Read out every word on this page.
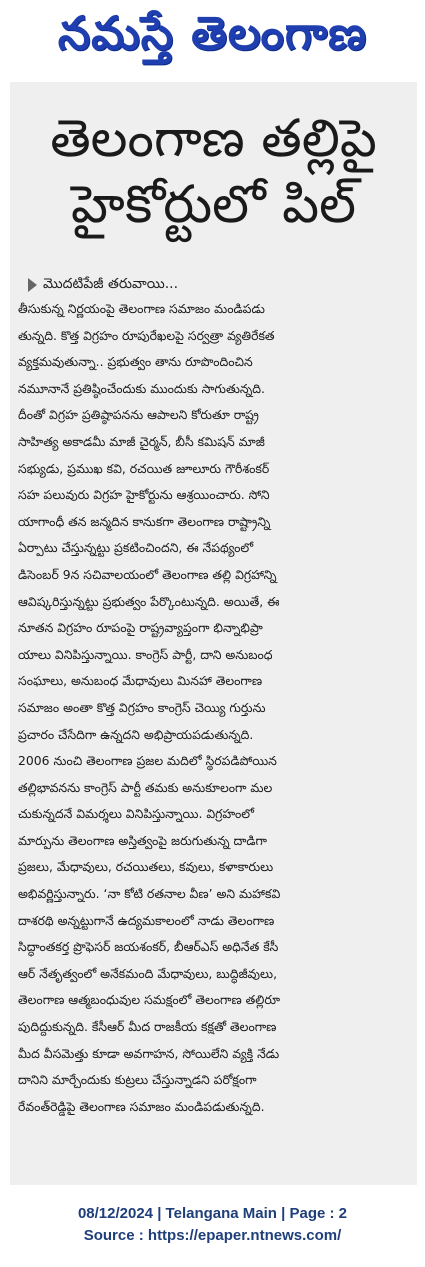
నమస్తే తెలంగాణ
తెలంగాణ తల్లిపై
హైకోర్టులో పిల్
మొదటిపేజీ తరువాయి...
తీసుకున్న నిర్ణయంపై తెలంగాణ సమాజం మండిపడు
తున్నది. కొత్త విగ్రహం రూపురేఖలపై సర్వత్రా వ్యతిరేకత
వ్యక్తమవుతున్నా.. ప్రభుత్వం తాను రూపొందించిన
నమూనానే ప్రతిష్ఠించేందుకు ముందుకు సాగుతున్నది.
దీంతో విగ్రహ ప్రతిష్ఠాపనను ఆపాలని కోరుతూ రాష్ట్ర
సాహిత్య అకాడమీ మాజీ చైర్మన్, బీసీ కమిషన్ మాజీ
సభ్యుడు, ప్రముఖ కవి, రచయిత జూలూరు గౌరీశంకర్
సహ పలువురు విగ్రహ హైకోర్టును ఆశ్రయించారు. సోని
యాగాంధీ తన జన్మదిన కానుకగా తెలంగాణ రాష్ట్రాన్ని
ఏర్పాటు చేస్తున్నట్టు ప్రకటించిందని, ఈ నేపథ్యంలో
డిసెంబర్ 9న సచివాలయంలో తెలంగాణ తల్లి విగ్రహాన్ని
ఆవిష్కరిస్తున్నట్టు ప్రభుత్వం పేర్కొంటున్నది. అయితే, ఈ
నూతన విగ్రహం రూపంపై రాష్ట్రవ్యాప్తంగా భిన్నాభిప్రా
యాలు వినిపిస్తున్నాయి. కాంగ్రెస్ పార్టీ, దాని అనుబంధ
సంఘాలు, అనుబంధ మేధావులు మినహా తెలంగాణ
సమాజం అంతా కొత్త విగ్రహం కాంగ్రెస్ చెయ్యి గుర్తును
ప్రచారం చేసేదిగా ఉన్నదని అభిప్రాయపడుతున్నది.
2006 నుంచి తెలంగాణ ప్రజల మదిలో స్థిరపడిపోయిన
తల్లిభావనను కాంగ్రెస్ పార్టీ తమకు అనుకూలంగా మల
చుకున్నదనే విమర్శలు వినిపిస్తున్నాయి. విగ్రహంలో
మార్పును తెలంగాణ అస్తిత్వంపై జరుగుతున్న దాడిగా
ప్రజలు, మేధావులు, రచయితలు, కవులు, కళాకారులు
అభివర్ణిస్తున్నారు. ‘నా కోటి రతనాల వీణ’ అని మహాకవి
దాశరథి అన్నట్టుగానే ఉద్యమకాలంలో నాడు తెలంగాణ
సిద్ధాంతకర్త ప్రొఫెసర్ జయశంకర్, బీఆర్ఎస్ అధినేత కేసీ
ఆర్ నేతృత్వంలో అనేకమంది మేధావులు, బుద్ధిజీవులు,
తెలంగాణ ఆత్మబంధువుల సమక్షంలో తెలంగాణ తల్లిరూ
పుదిద్దుకున్నది. కేసీఆర్ మీద రాజకీయ కక్షతో తెలంగాణ
మీద వీసమెత్తు కూడా అవగాహన, సోయిలేని వ్యక్తి నేడు
దానిని మార్చేందుకు కుట్రలు చేస్తున్నాడని పరోక్షంగా
రేవంత్‌రెడ్డిపై తెలంగాణ సమాజం మండిపడుతున్నది.
08/12/2024 | Telangana Main | Page : 2
Source : https://epaper.ntnews.com/
